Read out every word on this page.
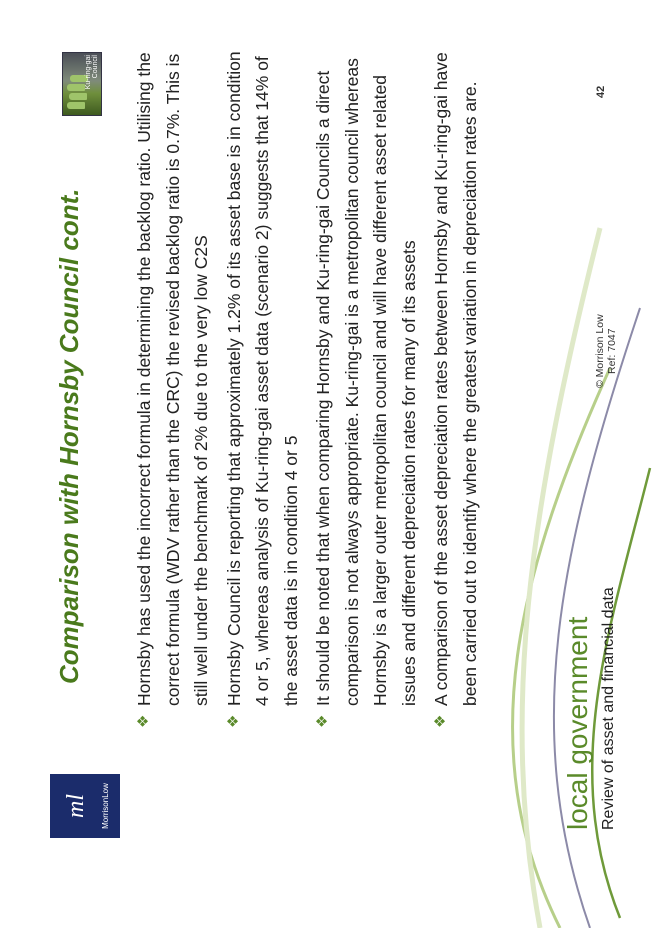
ml MorrisonLow
Comparison with Hornsby Council cont.
Ku-ring-gai Council
❖
Hornsby has used the incorrect formula in determining the backlog ratio. Utilising the correct formula (WDV rather than the CRC) the revised backlog ratio is 0.7%. This is still well under the benchmark of 2% due to the very low C2S
❖
Hornsby Council is reporting that approximately 1.2% of its asset base is in condition 4 or 5, whereas analysis of Ku-ring-gai asset data (scenario 2) suggests that 14% of the asset data is in condition 4 or 5
❖
It should be noted that when comparing Hornsby and Ku-ring-gai Councils a direct comparison is not always appropriate. Ku-ring-gai is a metropolitan council whereas Hornsby is a larger outer metropolitan council and will have different asset related issues and different depreciation rates for many of its assets
❖
A comparison of the asset depreciation rates between Hornsby and Ku-ring-gai have been carried out to identify where the greatest variation in depreciation rates are.
local government Review of asset and financial data
© Morrison Low Ref: 7047
42
